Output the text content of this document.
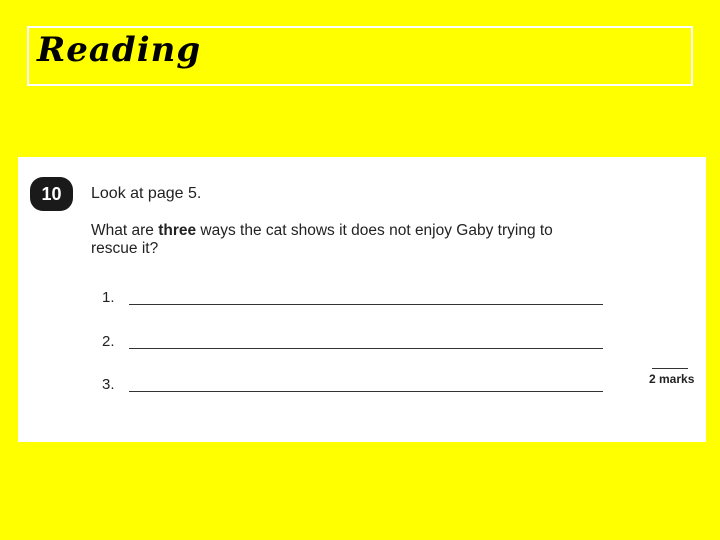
Reading
10	Look at page 5.
What are three ways the cat shows it does not enjoy Gaby trying to rescue it?
1.
2.
3.	2 marks
